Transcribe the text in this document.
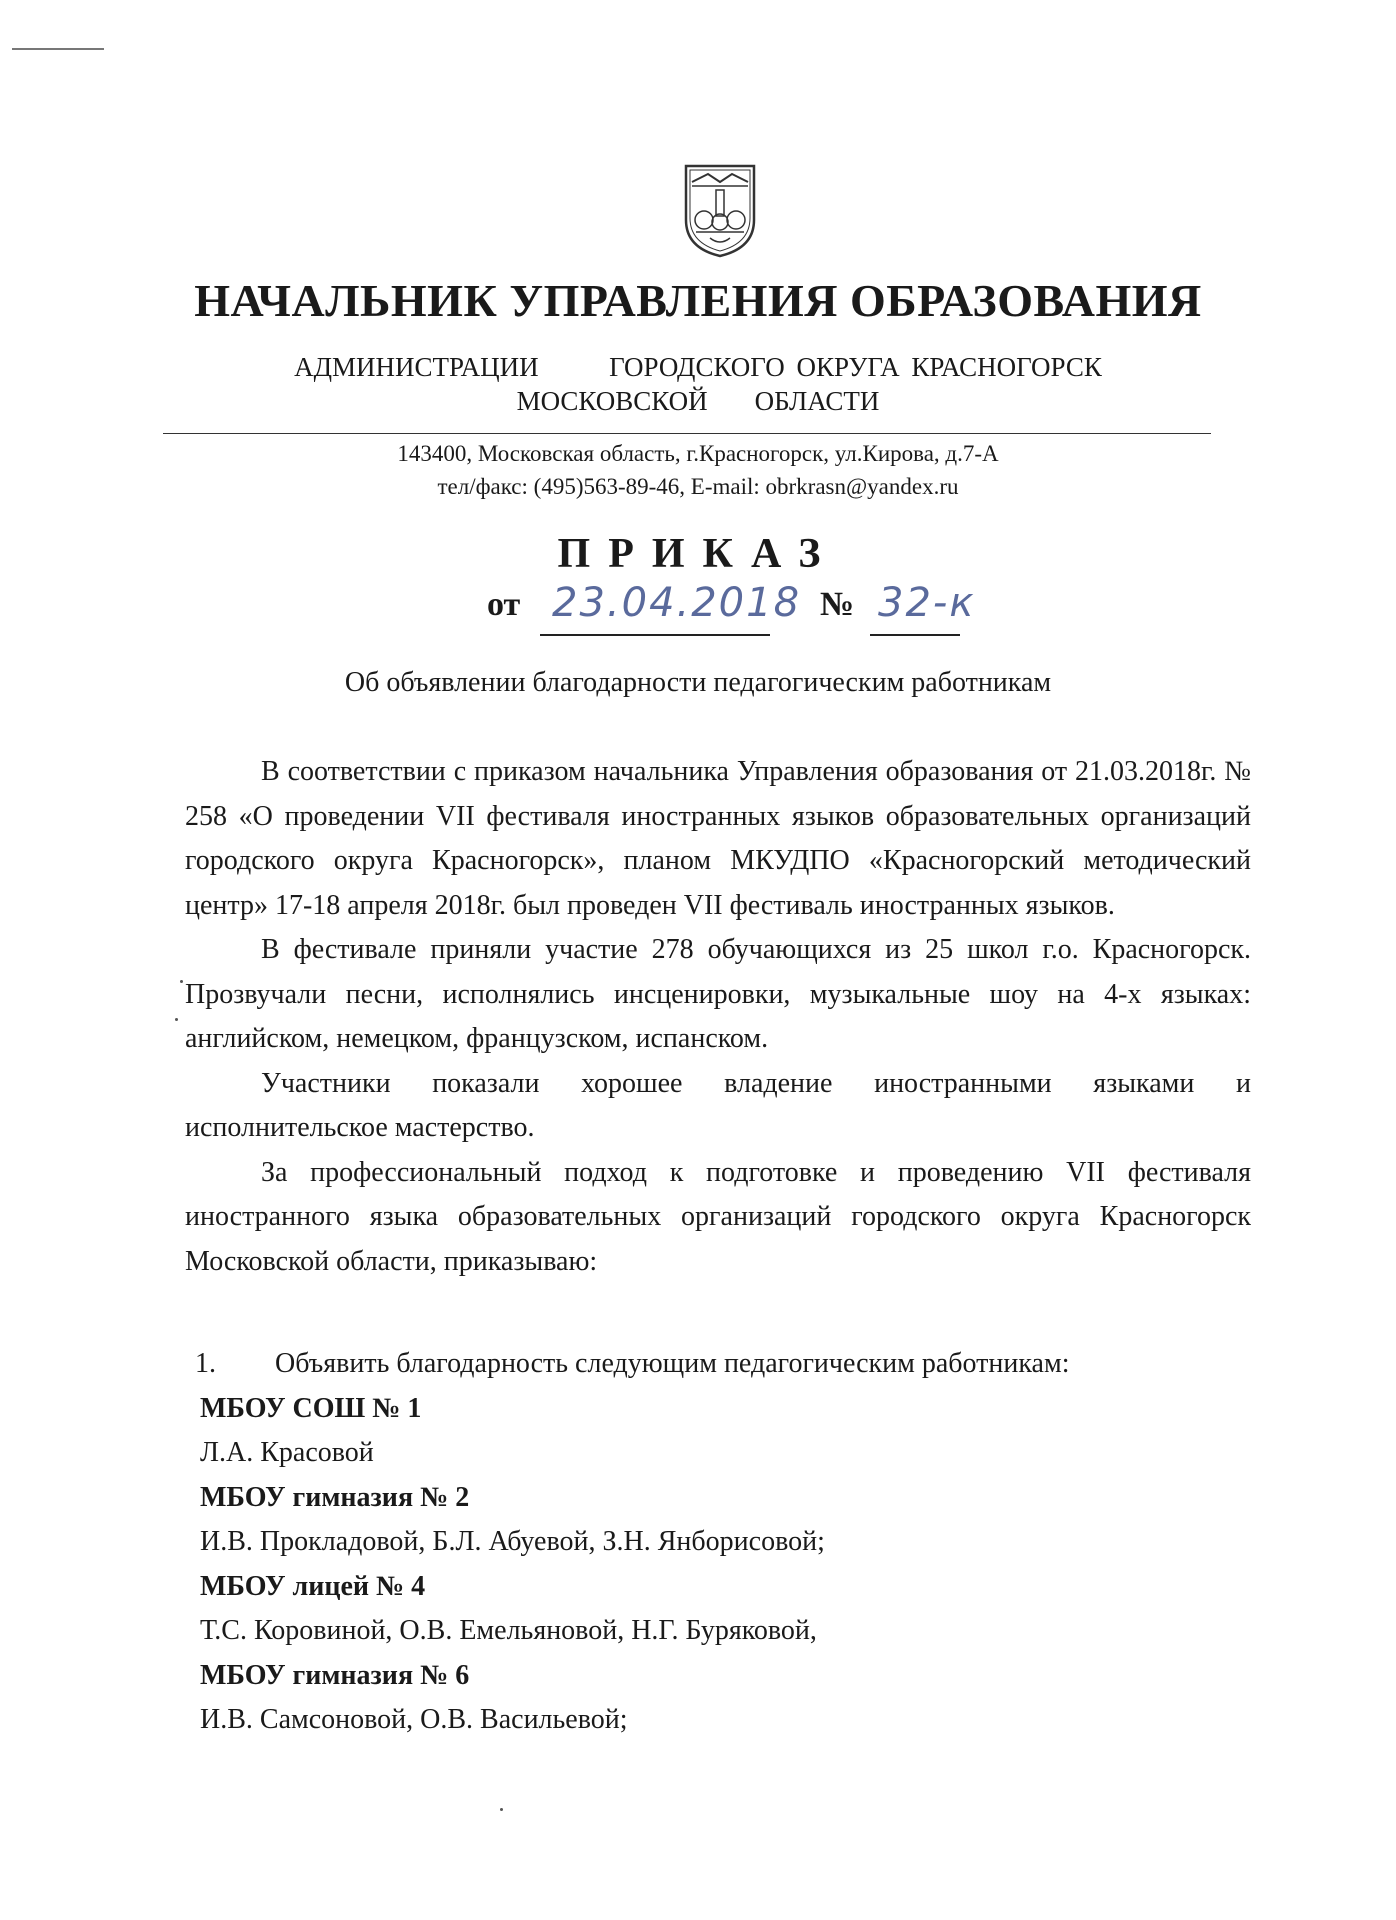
НАЧАЛЬНИК УПРАВЛЕНИЯ ОБРАЗОВАНИЯ
АДМИНИСТРАЦИИ      ГОРОДСКОГО ОКРУГА КРАСНОГОРСК
МОСКОВСКОЙ    ОБЛАСТИ
143400, Московская область, г.Красногорск, ул.Кирова, д.7-А
тел/факс: (495)563-89-46, E-mail: obrkrasn@yandex.ru
ПРИКАЗ
от 23.04.2018 № 32-к
Об объявлении благодарности педагогическим работникам

В соответствии с приказом начальника Управления образования от 21.03.2018г. № 258 «О проведении VII фестиваля иностранных языков образовательных организаций городского округа Красногорск», планом МКУДПО «Красногорский методический центр» 17-18 апреля 2018г. был проведен VII фестиваль иностранных языков.

В фестивале приняли участие 278 обучающихся из 25 школ г.о. Красногорск. Прозвучали песни, исполнялись инсценировки, музыкальные шоу на 4-х языках: английском, немецком, французском, испанском.

Участники показали хорошее владение иностранными языками и исполнительское мастерство.

За профессиональный подход к подготовке и проведению VII фестиваля иностранного языка образовательных организаций городского округа Красногорск Московской области, приказываю:

1.	Объявить благодарность следующим педагогическим работникам:
МБОУ СОШ № 1
Л.А. Красовой
МБОУ гимназия № 2
И.В. Прокладовой, Б.Л. Абуевой, З.Н. Янборисовой;
МБОУ лицей № 4
Т.С. Коровиной, О.В. Емельяновой, Н.Г. Буряковой,
МБОУ гимназия № 6
И.В. Самсоновой, О.В. Васильевой;
